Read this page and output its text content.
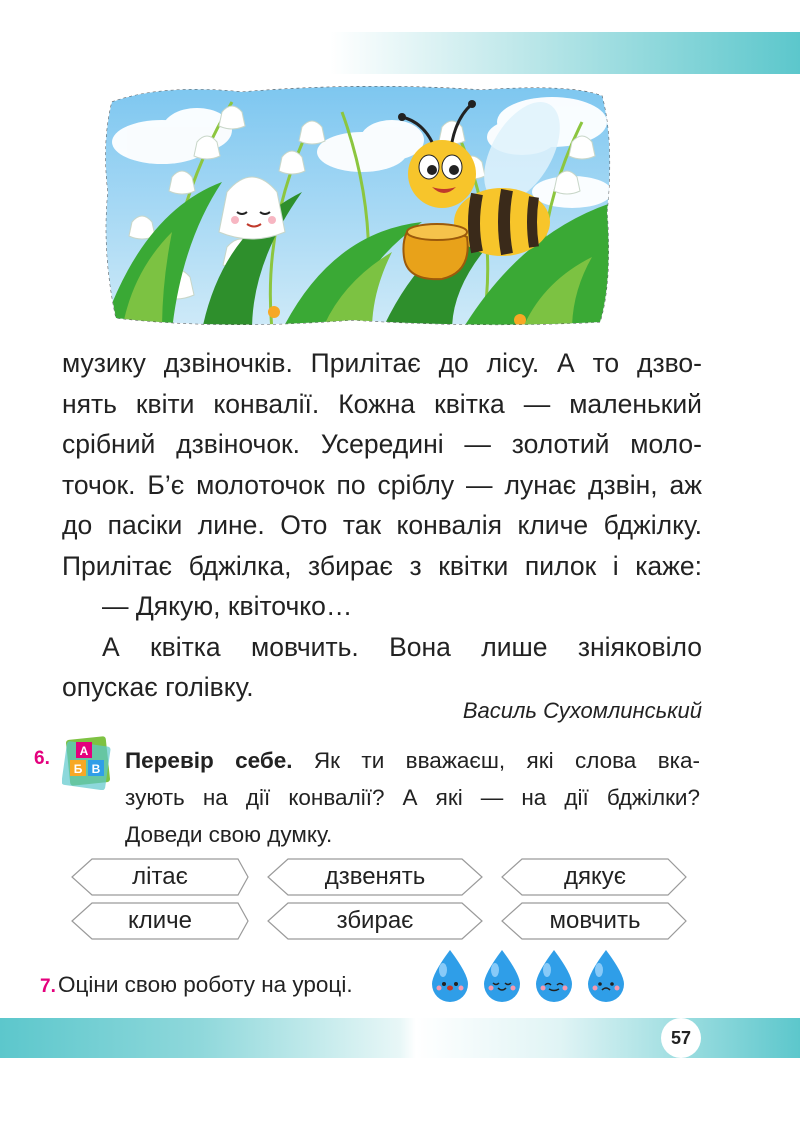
музику дзвіночків. Прилітає до лісу. А то дзво-

нять квіти конвалії. Кожна квітка — маленький

срібний дзвіночок. Усередині — золотий моло-

точок. Б’є молоточок по сріблу — лунає дзвін, аж

до пасіки лине. Ото так конвалія кличе бджілку.

Прилітає бджілка, збирає з квітки пилок і каже:

— Дякую, квіточко…

А квітка мовчить. Вона лише зніяковіло

опускає голівку.

Василь Сухомлинський
6. А
Б В Перевір себе. Як ти вважаєш, які слова вка-

зують на дії конвалії? А які — на дії бджілки?

Доведи свою думку.

літає	дзвенять	дякує
кличе	збирає	мовчить
7. Оціни свою роботу на уроці.
57
